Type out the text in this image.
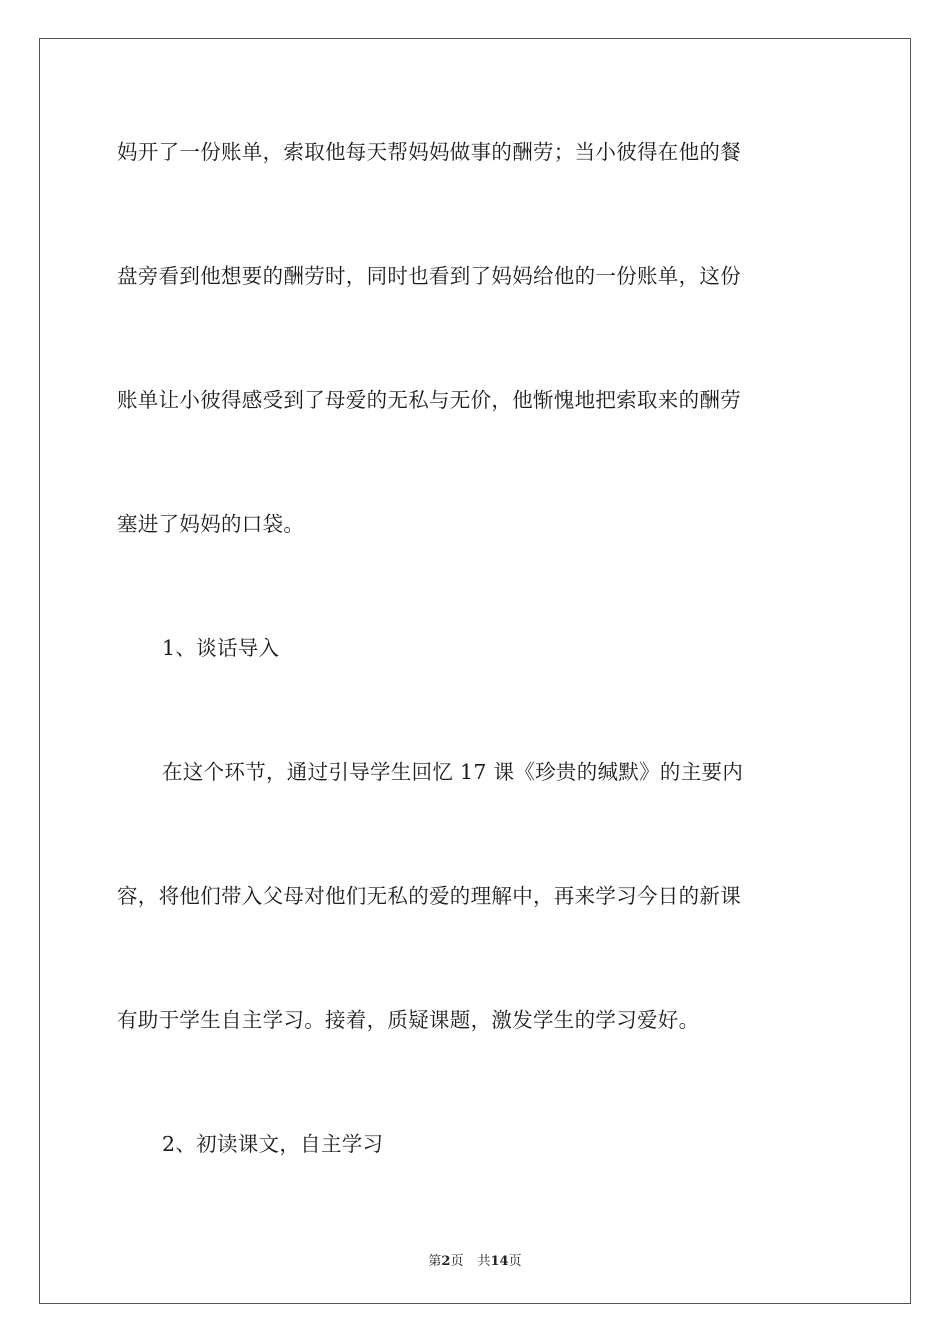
妈开了一份账单，索取他每天帮妈妈做事的酬劳；当小彼得在他的餐
盘旁看到他想要的酬劳时，同时也看到了妈妈给他的一份账单，这份
账单让小彼得感受到了母爱的无私与无价，他惭愧地把索取来的酬劳
塞进了妈妈的口袋。
1、谈话导入
在这个环节，通过引导学生回忆 17 课《珍贵的缄默》的主要内
容，将他们带入父母对他们无私的爱的理解中，再来学习今日的新课
有助于学生自主学习。接着，质疑课题，激发学生的学习爱好。
2、初读课文，自主学习
第2页 共14页
